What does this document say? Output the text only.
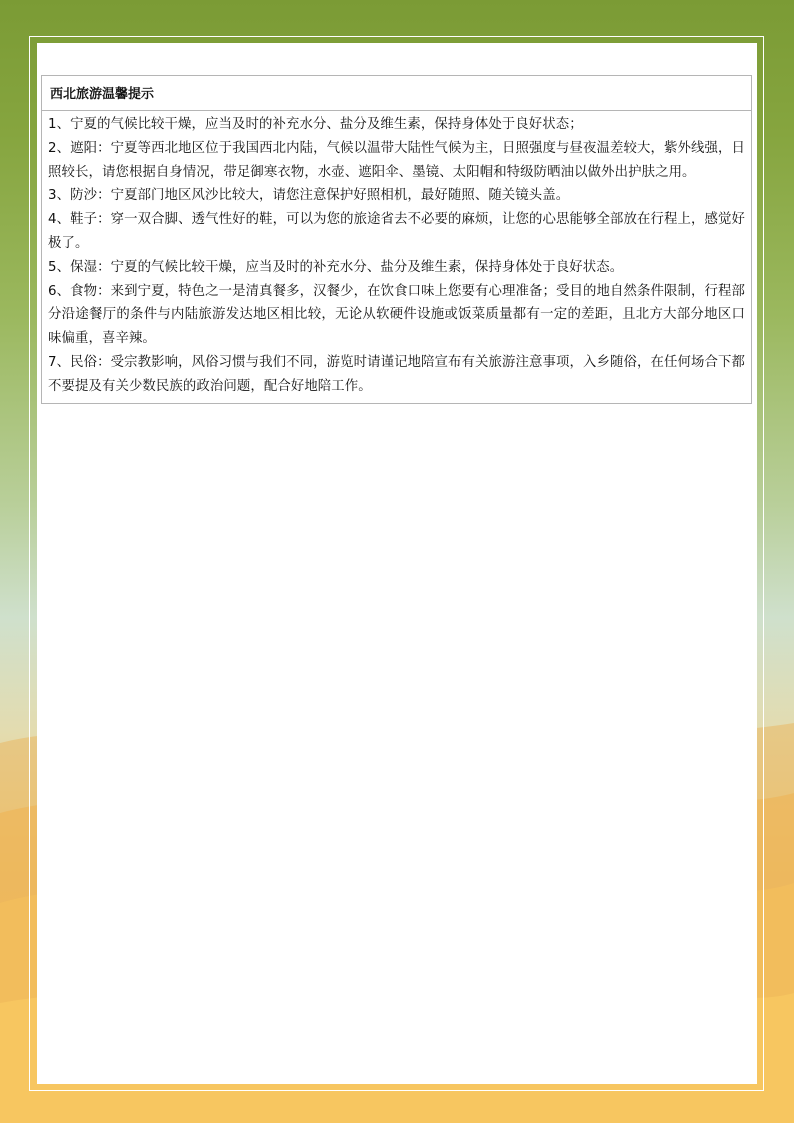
西北旅游温馨提示

1、宁夏的气候比较干燥，应当及时的补充水分、盐分及维生素，保持身体处于良好状态；

2、遮阳：宁夏等西北地区位于我国西北内陆，气候以温带大陆性气候为主，日照强度与昼夜温差较大，紫外线强，日照较长，请您根据自身情况，带足御寒衣物，水壶、遮阳伞、墨镜、太阳帽和特级防晒油以做外出护肤之用。

3、防沙：宁夏部门地区风沙比较大，请您注意保护好照相机，最好随照、随关镜头盖。

4、鞋子：穿一双合脚、透气性好的鞋，可以为您的旅途省去不必要的麻烦，让您的心思能够全部放在行程上，感觉好极了。

5、保湿：宁夏的气候比较干燥，应当及时的补充水分、盐分及维生素，保持身体处于良好状态。

6、食物：来到宁夏，特色之一是清真餐多，汉餐少，在饮食口味上您要有心理准备；受目的地自然条件限制，行程部分沿途餐厅的条件与内陆旅游发达地区相比较，无论从软硬件设施或饭菜质量都有一定的差距，且北方大部分地区口味偏重，喜辛辣。

7、民俗：受宗教影响，风俗习惯与我们不同，游览时请谨记地陪宣布有关旅游注意事项，入乡随俗，在任何场合下都不要提及有关少数民族的政治问题，配合好地陪工作。
